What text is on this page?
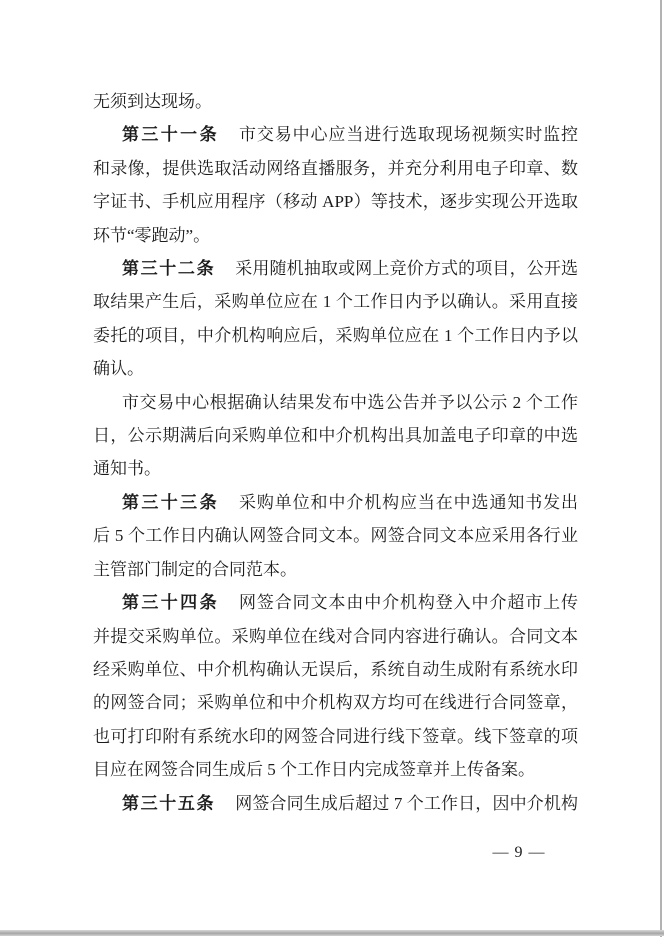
无须到达现场。
第三十一条 市交易中心应当进行选取现场视频实时监控
和录像，提供选取活动网络直播服务，并充分利用电子印章、数
字证书、手机应用程序（移动 APP）等技术，逐步实现公开选取
环节“零跑动”。
第三十二条 采用随机抽取或网上竞价方式的项目，公开选
取结果产生后，采购单位应在 1 个工作日内予以确认。采用直接
委托的项目，中介机构响应后，采购单位应在 1 个工作日内予以
确认。
市交易中心根据确认结果发布中选公告并予以公示 2 个工作
日，公示期满后向采购单位和中介机构出具加盖电子印章的中选
通知书。
第三十三条 采购单位和中介机构应当在中选通知书发出
后 5 个工作日内确认网签合同文本。网签合同文本应采用各行业
主管部门制定的合同范本。
第三十四条 网签合同文本由中介机构登入中介超市上传
并提交采购单位。采购单位在线对合同内容进行确认。合同文本
经采购单位、中介机构确认无误后，系统自动生成附有系统水印
的网签合同；采购单位和中介机构双方均可在线进行合同签章，
也可打印附有系统水印的网签合同进行线下签章。线下签章的项
目应在网签合同生成后 5 个工作日内完成签章并上传备案。
第三十五条 网签合同生成后超过 7 个工作日，因中介机构
— 9 —
